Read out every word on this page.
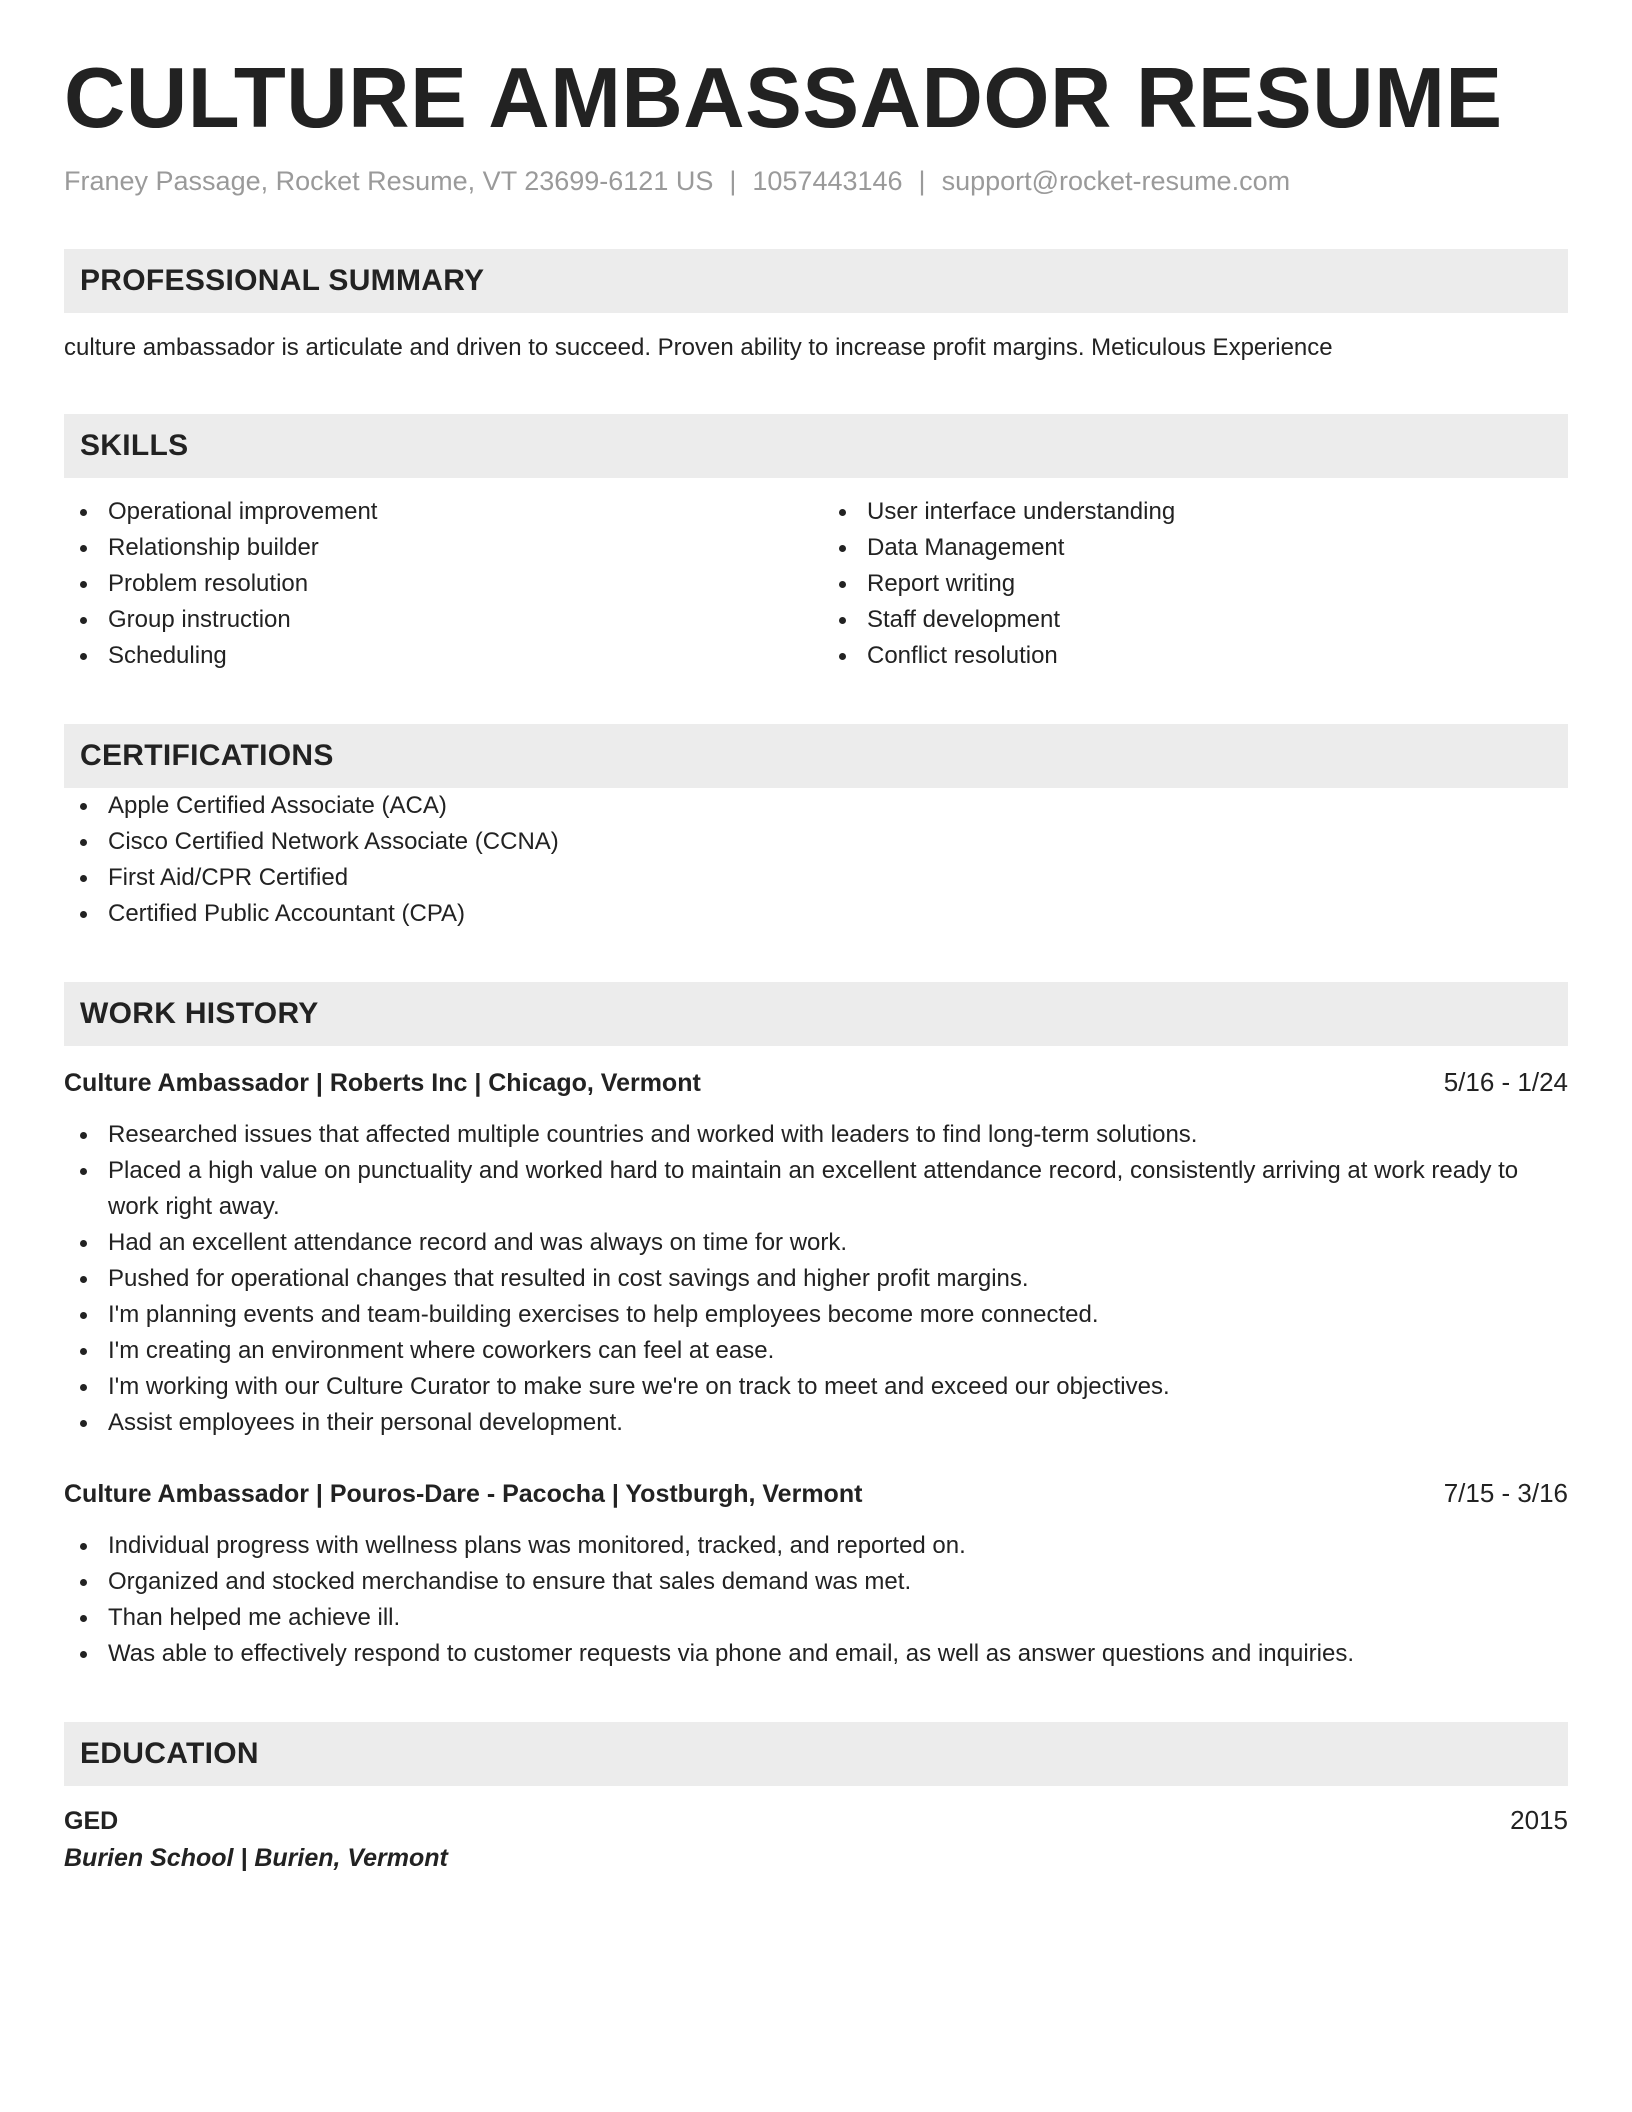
CULTURE AMBASSADOR RESUME
Franey Passage, Rocket Resume, VT 23699-6121 US | 1057443146 | support@rocket-resume.com
PROFESSIONAL SUMMARY
culture ambassador is articulate and driven to succeed. Proven ability to increase profit margins. Meticulous Experience
SKILLS
Operational improvement
Relationship builder
Problem resolution
Group instruction
Scheduling
User interface understanding
Data Management
Report writing
Staff development
Conflict resolution
CERTIFICATIONS
Apple Certified Associate (ACA)
Cisco Certified Network Associate (CCNA)
First Aid/CPR Certified
Certified Public Accountant (CPA)
WORK HISTORY
Culture Ambassador | Roberts Inc | Chicago, Vermont	5/16 - 1/24
Researched issues that affected multiple countries and worked with leaders to find long-term solutions.
Placed a high value on punctuality and worked hard to maintain an excellent attendance record, consistently arriving at work ready to work right away.
Had an excellent attendance record and was always on time for work.
Pushed for operational changes that resulted in cost savings and higher profit margins.
I'm planning events and team-building exercises to help employees become more connected.
I'm creating an environment where coworkers can feel at ease.
I'm working with our Culture Curator to make sure we're on track to meet and exceed our objectives.
Assist employees in their personal development.
Culture Ambassador | Pouros-Dare - Pacocha | Yostburgh, Vermont	7/15 - 3/16
Individual progress with wellness plans was monitored, tracked, and reported on.
Organized and stocked merchandise to ensure that sales demand was met.
Than helped me achieve ill.
Was able to effectively respond to customer requests via phone and email, as well as answer questions and inquiries.
EDUCATION
GED	2015
Burien School | Burien, Vermont
